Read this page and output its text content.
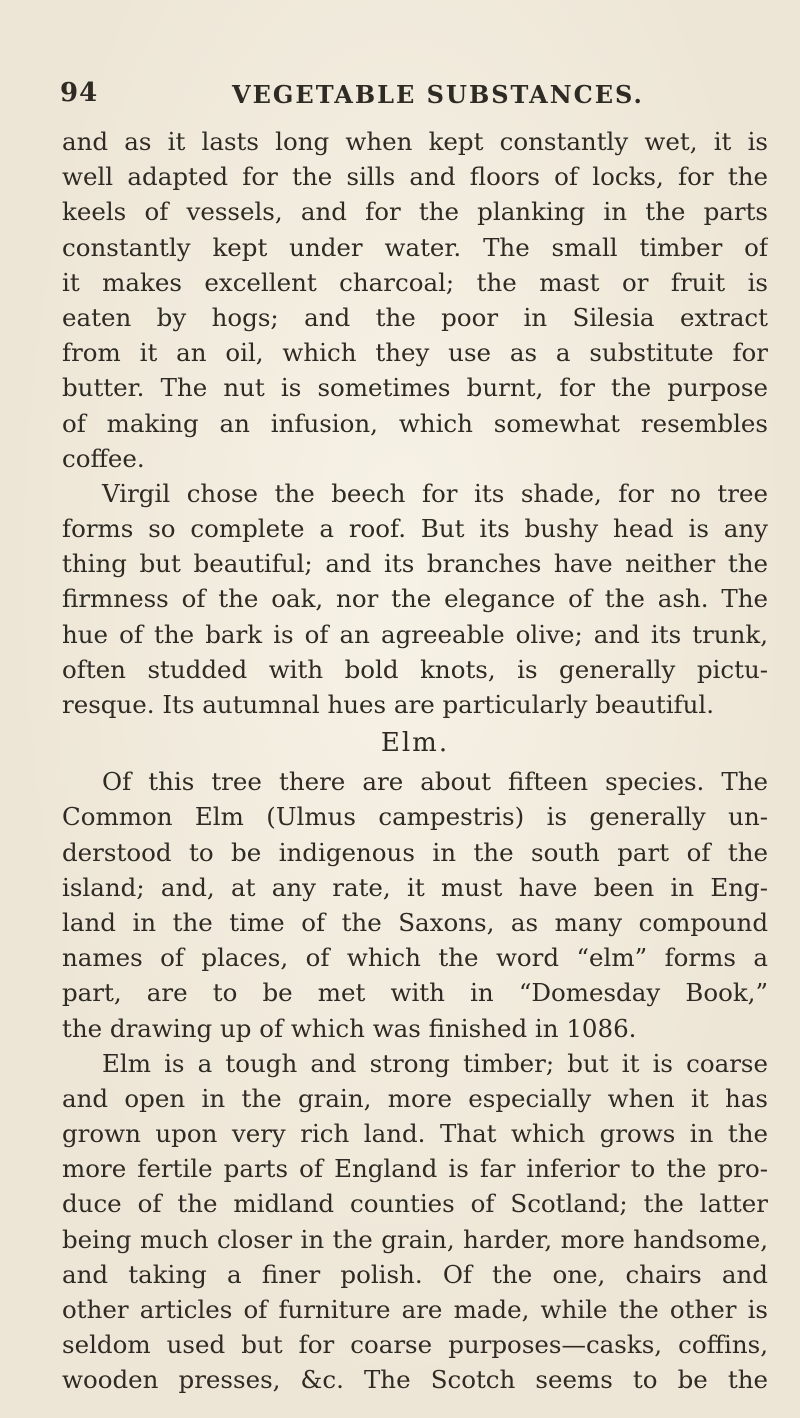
94	VEGETABLE SUBSTANCES.
and as it lasts long when kept constantly wet, it is
well adapted for the sills and floors of locks, for the
keels of vessels, and for the planking in the parts
constantly kept under water. The small timber of
it makes excellent charcoal; the mast or fruit is
eaten by hogs; and the poor in Silesia extract
from it an oil, which they use as a substitute for
butter. The nut is sometimes burnt, for the purpose
of making an infusion, which somewhat resembles
coffee.
Virgil chose the beech for its shade, for no tree
forms so complete a roof. But its bushy head is any
thing but beautiful; and its branches have neither the
firmness of the oak, nor the elegance of the ash. The
hue of the bark is of an agreeable olive; and its trunk,
often studded with bold knots, is generally pictu-
resque. Its autumnal hues are particularly beautiful.
Elm.
Of this tree there are about fifteen species. The
Common Elm (Ulmus campestris) is generally un-
derstood to be indigenous in the south part of the
island; and, at any rate, it must have been in Eng-
land in the time of the Saxons, as many compound
names of places, of which the word “elm” forms a
part, are to be met with in “Domesday Book,”
the drawing up of which was finished in 1086.
Elm is a tough and strong timber; but it is coarse
and open in the grain, more especially when it has
grown upon very rich land. That which grows in the
more fertile parts of England is far inferior to the pro-
duce of the midland counties of Scotland; the latter
being much closer in the grain, harder, more handsome,
and taking a finer polish. Of the one, chairs and
other articles of furniture are made, while the other is
seldom used but for coarse purposes—casks, coffins,
wooden presses, &c. The Scotch seems to be the
